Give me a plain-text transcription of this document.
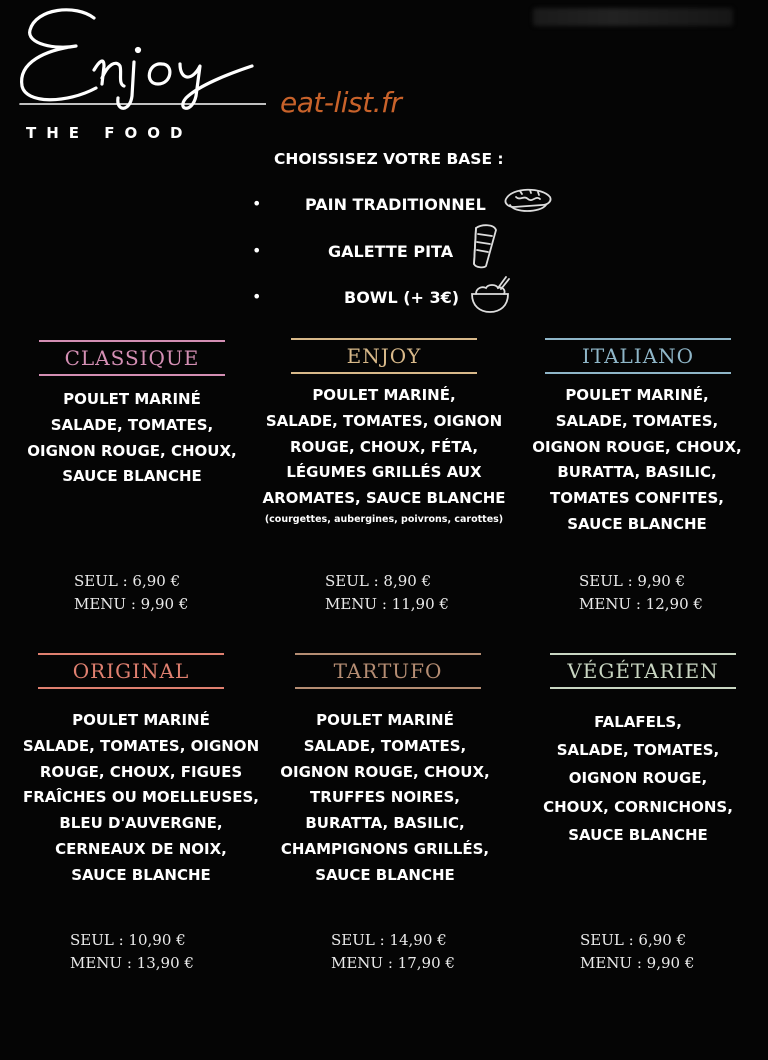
THE FOOD
eat-list.fr
CHOISSISEZ VOTRE BASE :
•	PAIN TRADITIONNEL
•	GALETTE PITA
•	BOWL (+ 3€)
CLASSIQUE
POULET MARINÉ
SALADE, TOMATES,
OIGNON ROUGE, CHOUX,
SAUCE BLANCHE
SEUL : 6,90 €
MENU : 9,90 €
ENJOY
POULET MARINÉ,
SALADE, TOMATES, OIGNON
ROUGE, CHOUX, FÉTA,
LÉGUMES GRILLÉS AUX
AROMATES, SAUCE BLANCHE
(courgettes, aubergines, poivrons, carottes)
SEUL : 8,90 €
MENU : 11,90 €
ITALIANO
POULET MARINÉ,
SALADE, TOMATES,
OIGNON ROUGE, CHOUX,
BURATTA, BASILIC,
TOMATES CONFITES,
SAUCE BLANCHE
SEUL : 9,90 €
MENU : 12,90 €
ORIGINAL
POULET MARINÉ
SALADE, TOMATES, OIGNON
ROUGE, CHOUX, FIGUES
FRAÎCHES OU MOELLEUSES,
BLEU D'AUVERGNE,
CERNEAUX DE NOIX,
SAUCE BLANCHE
SEUL : 10,90 €
MENU : 13,90 €
TARTUFO
POULET MARINÉ
SALADE, TOMATES,
OIGNON ROUGE, CHOUX,
TRUFFES NOIRES,
BURATTA, BASILIC,
CHAMPIGNONS GRILLÉS,
SAUCE BLANCHE
SEUL : 14,90 €
MENU : 17,90 €
VÉGÉTARIEN
FALAFELS,
SALADE, TOMATES,
OIGNON ROUGE,
CHOUX, CORNICHONS,
SAUCE BLANCHE
SEUL : 6,90 €
MENU : 9,90 €
